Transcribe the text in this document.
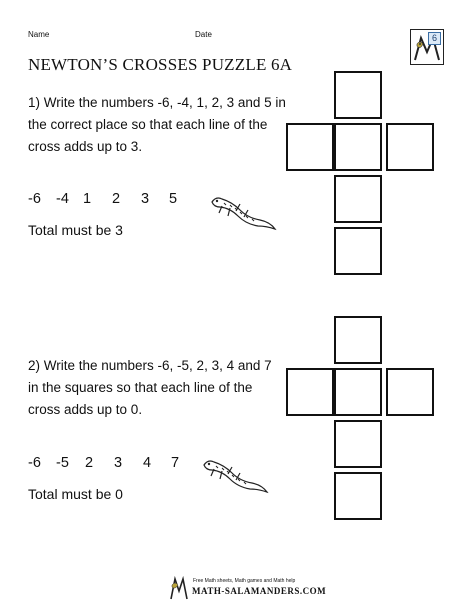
Name	Date	6
NEWTON’S CROSSES PUZZLE 6A
1) Write the numbers -6, -4, 1, 2, 3 and 5 in
the correct place so that each line of the
cross adds up to 3.
-6	-4 1	2	3	5
Total must be 3
2) Write the numbers -6, -5, 2, 3, 4 and 7
in the squares so that each line of the
cross adds up to 0.
-6	-5	2	3	4	7
Total must be 0
Free Math sheets, Math games and Math help
MATH-SALAMANDERS.COM
